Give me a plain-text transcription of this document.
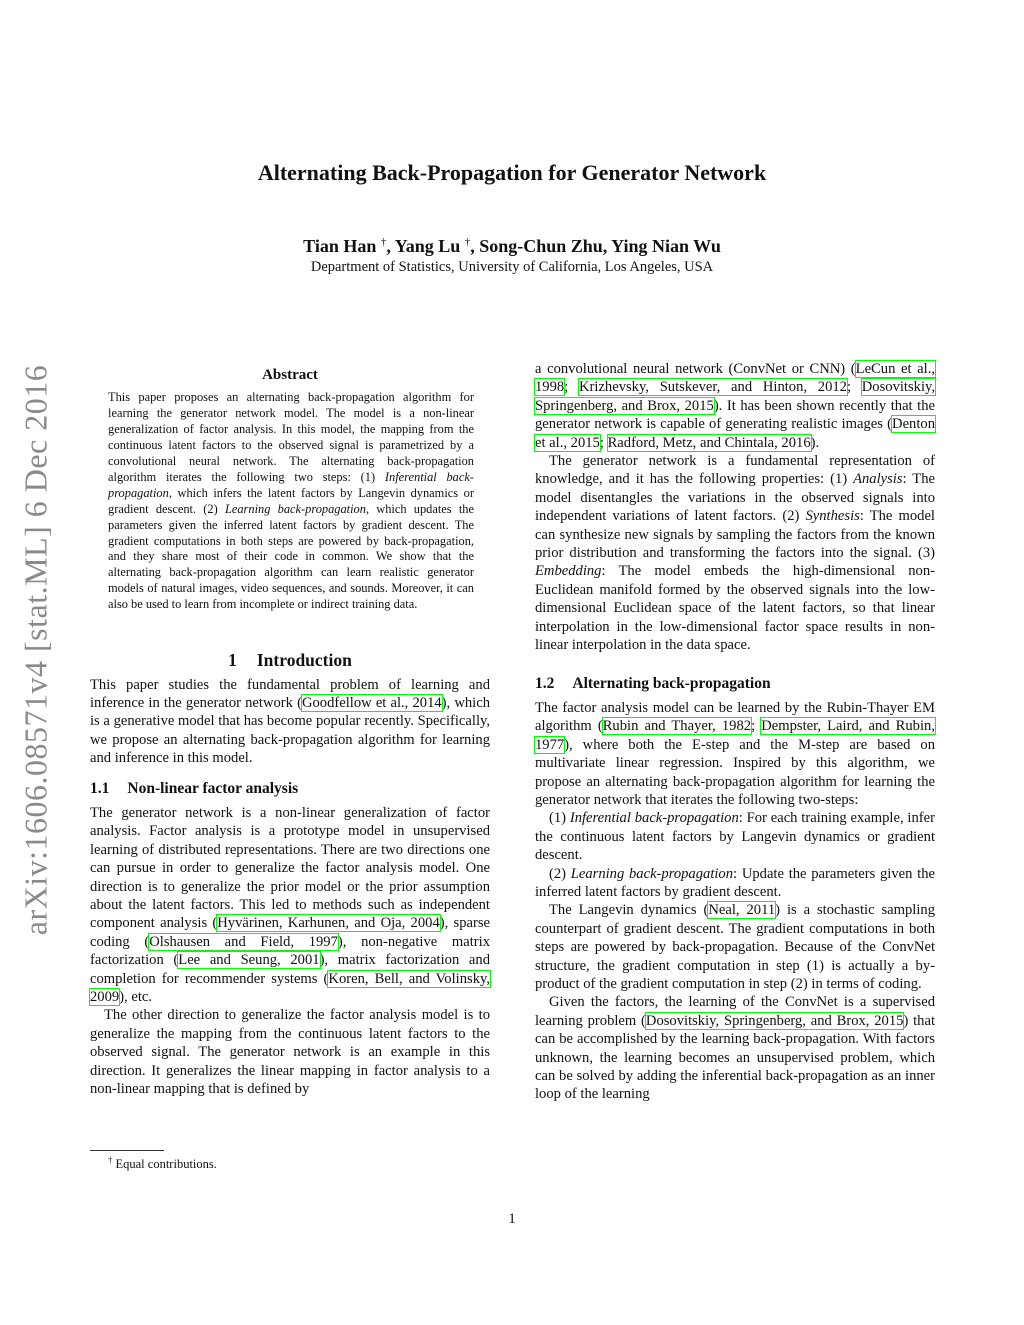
arXiv:1606.08571v4 [stat.ML] 6 Dec 2016
Alternating Back-Propagation for Generator Network
Tian Han †, Yang Lu †, Song-Chun Zhu, Ying Nian Wu
Department of Statistics, University of California, Los Angeles, USA
Abstract

This paper proposes an alternating back-propagation algorithm for learning the generator network model. The model is a non-linear generalization of factor analysis. In this model, the mapping from the continuous latent factors to the observed signal is parametrized by a convolutional neural network. The alternating back-propagation algorithm iterates the following two steps: (1) Inferential back-propagation, which infers the latent factors by Langevin dynamics or gradient descent. (2) Learning back-propagation, which updates the parameters given the inferred latent factors by gradient descent. The gradient computations in both steps are powered by back-propagation, and they share most of their code in common. We show that the alternating back-propagation algorithm can learn realistic generator models of natural images, video sequences, and sounds. Moreover, it can also be used to learn from incomplete or indirect training data.

1 Introduction

This paper studies the fundamental problem of learning and inference in the generator network (Goodfellow et al., 2014), which is a generative model that has become popular recently. Specifically, we propose an alternating back-propagation algorithm for learning and inference in this model.

1.1 Non-linear factor analysis

The generator network is a non-linear generalization of factor analysis. Factor analysis is a prototype model in unsupervised learning of distributed representations. There are two directions one can pursue in order to generalize the factor analysis model. One direction is to generalize the prior model or the prior assumption about the latent factors. This led to methods such as independent component analysis (Hyvärinen, Karhunen, and Oja, 2004), sparse coding (Olshausen and Field, 1997), non-negative matrix factorization (Lee and Seung, 2001), matrix factorization and completion for recommender systems (Koren, Bell, and Volinsky, 2009), etc.

The other direction to generalize the factor analysis model is to generalize the mapping from the continuous latent factors to the observed signal. The generator network is an example in this direction. It generalizes the linear mapping in factor analysis to a non-linear mapping that is defined by

a convolutional neural network (ConvNet or CNN) (LeCun et al., 1998; Krizhevsky, Sutskever, and Hinton, 2012; Dosovitskiy, Springenberg, and Brox, 2015). It has been shown recently that the generator network is capable of generating realistic images (Denton et al., 2015; Radford, Metz, and Chintala, 2016).

The generator network is a fundamental representation of knowledge, and it has the following properties: (1) Analysis: The model disentangles the variations in the observed signals into independent variations of latent factors. (2) Synthesis: The model can synthesize new signals by sampling the factors from the known prior distribution and transforming the factors into the signal. (3) Embedding: The model embeds the high-dimensional non-Euclidean manifold formed by the observed signals into the low-dimensional Euclidean space of the latent factors, so that linear interpolation in the low-dimensional factor space results in non-linear interpolation in the data space.

1.2 Alternating back-propagation

The factor analysis model can be learned by the Rubin-Thayer EM algorithm (Rubin and Thayer, 1982; Dempster, Laird, and Rubin, 1977), where both the E-step and the M-step are based on multivariate linear regression. Inspired by this algorithm, we propose an alternating back-propagation algorithm for learning the generator network that iterates the following two-steps:

(1) Inferential back-propagation: For each training example, infer the continuous latent factors by Langevin dynamics or gradient descent.

(2) Learning back-propagation: Update the parameters given the inferred latent factors by gradient descent.

The Langevin dynamics (Neal, 2011) is a stochastic sampling counterpart of gradient descent. The gradient computations in both steps are powered by back-propagation. Because of the ConvNet structure, the gradient computation in step (1) is actually a by-product of the gradient computation in step (2) in terms of coding.

Given the factors, the learning of the ConvNet is a supervised learning problem (Dosovitskiy, Springenberg, and Brox, 2015) that can be accomplished by the learning back-propagation. With factors unknown, the learning becomes an unsupervised problem, which can be solved by adding the inferential back-propagation as an inner loop of the learning

† Equal contributions.
1
